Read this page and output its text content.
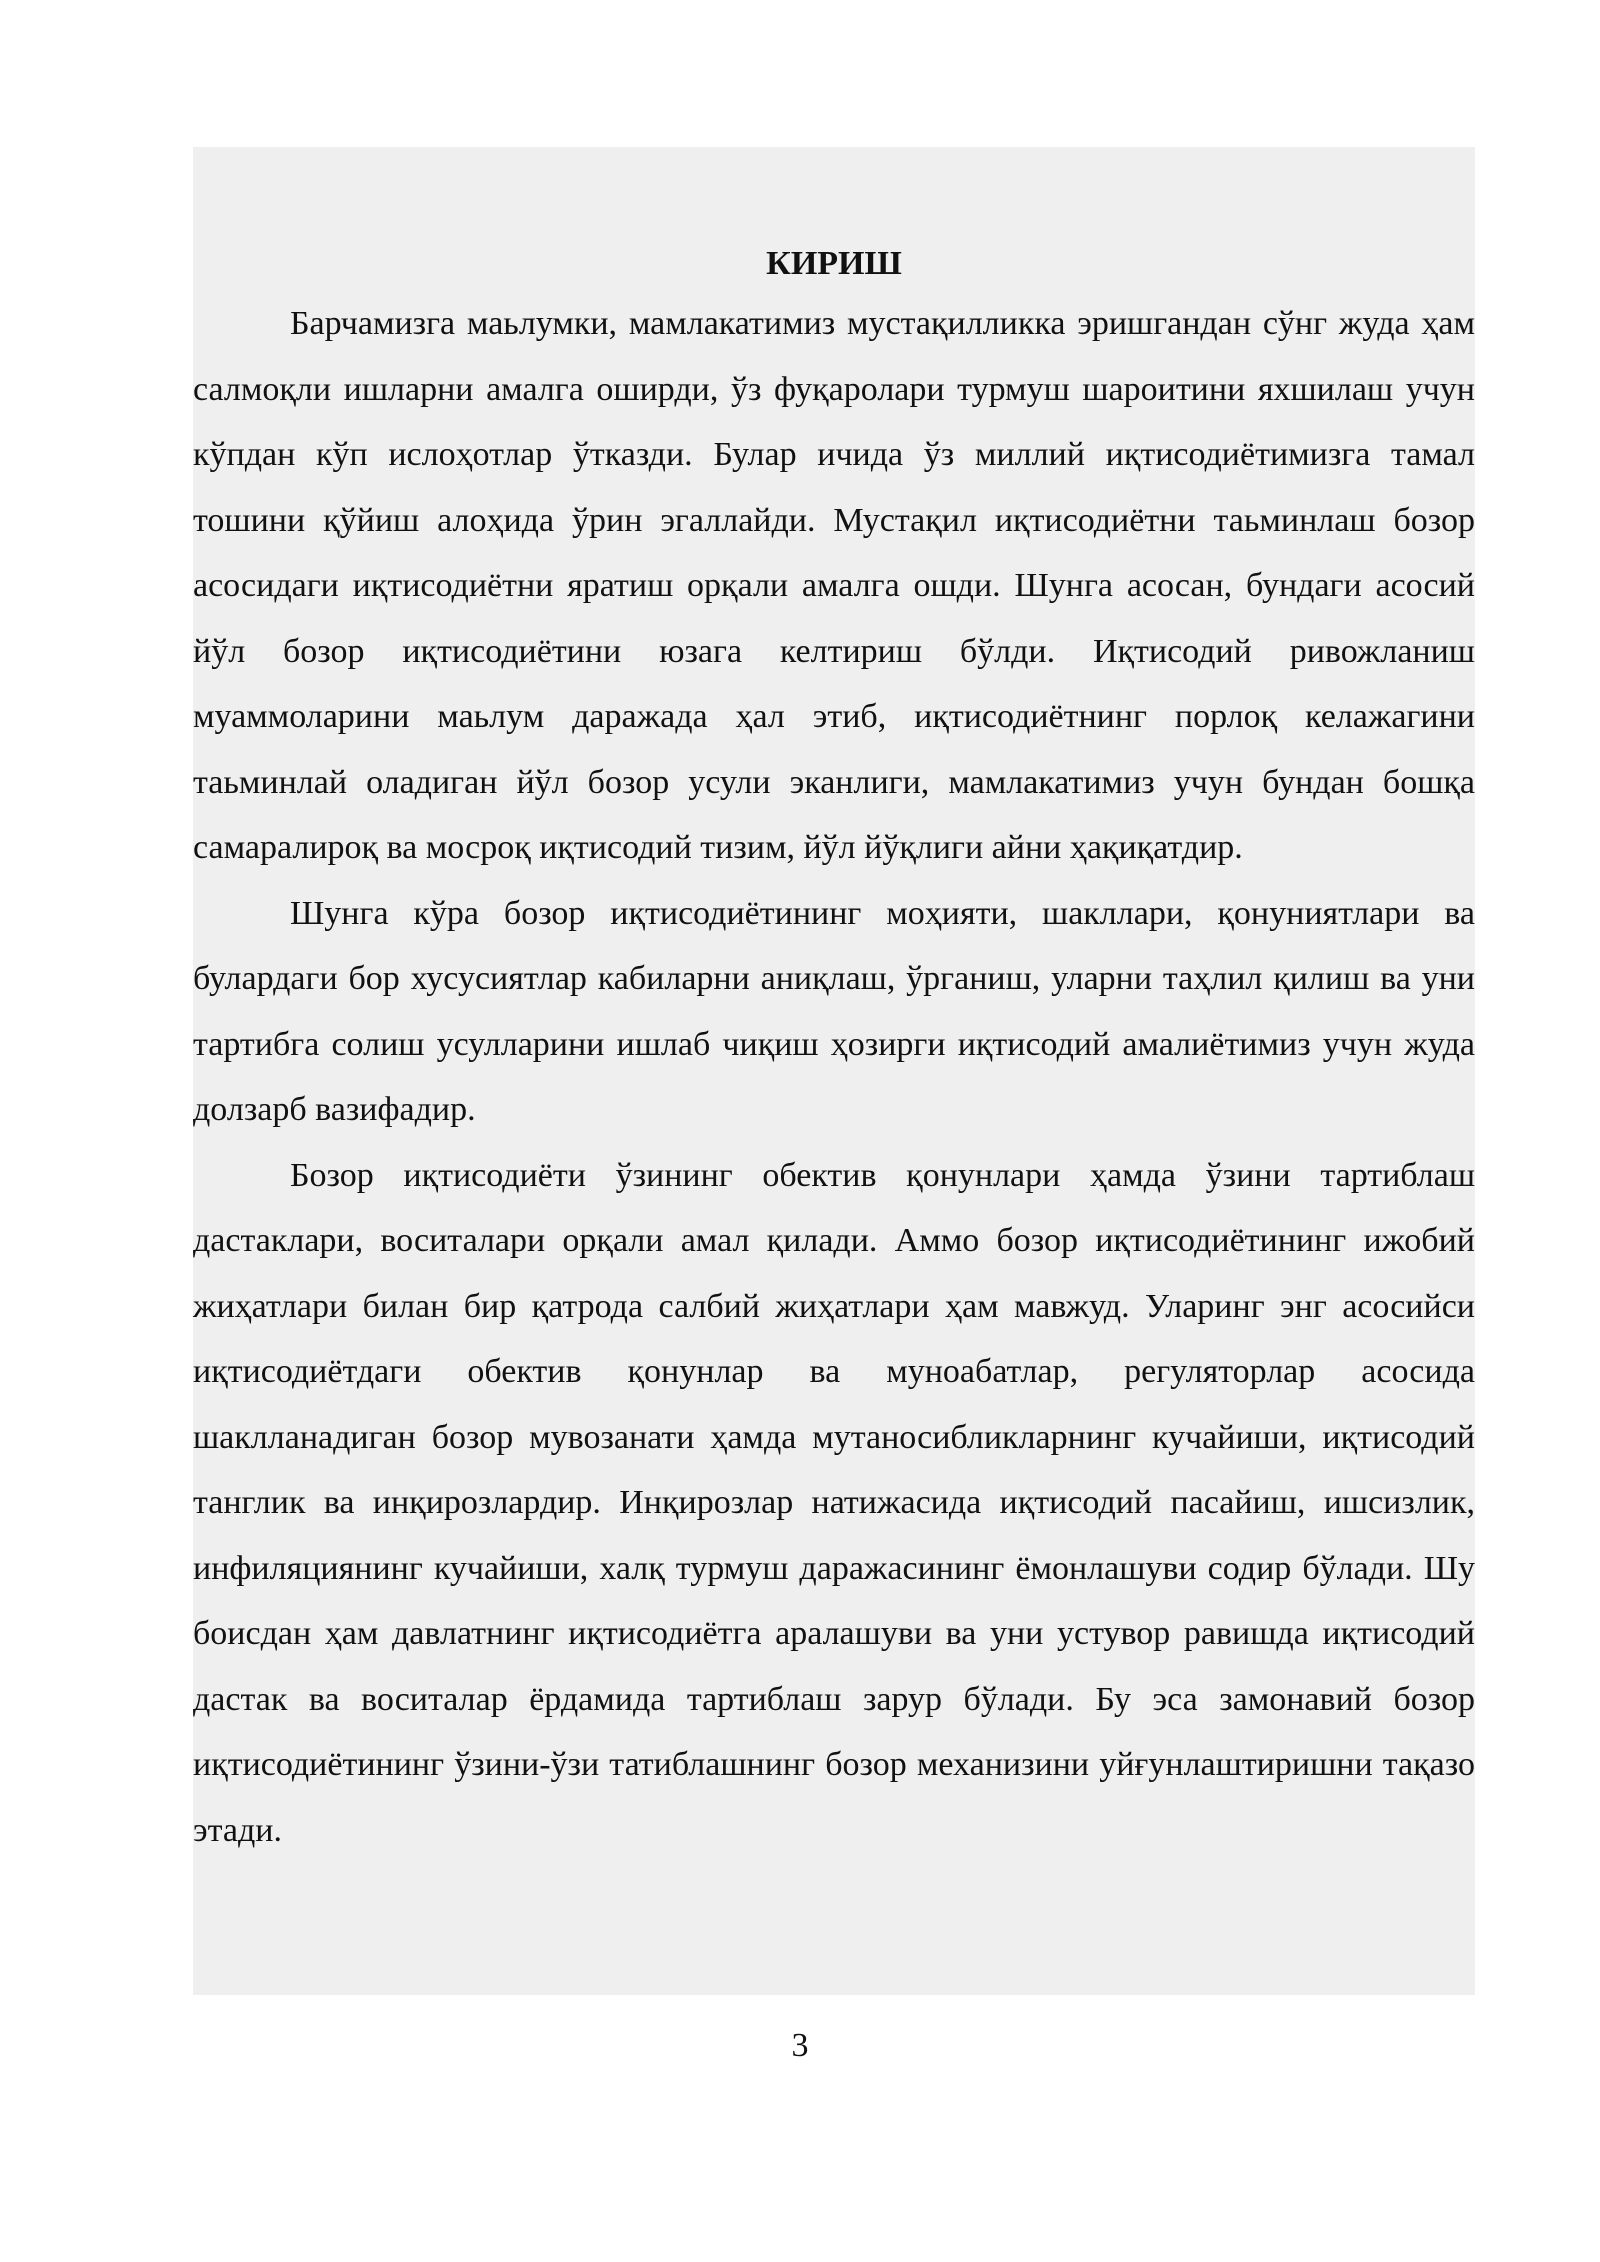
КИРИШ

Барчамизга маьлумки, мамлакатимиз мустақилликка эришгандан сўнг жуда ҳам салмоқли ишларни амалга оширди, ўз фуқаролари турмуш шароитини яхшилаш учун кўпдан кўп ислоҳотлар ўтказди. Булар ичида ўз миллий иқтисодиётимизга тамал тошини қўйиш алоҳида ўрин эгаллайди. Мустақил иқтисодиётни таьминлаш бозор асосидаги иқтисодиётни яратиш орқали амалга ошди. Шунга асосан, бундаги асосий йўл бозор иқтисодиётини юзага келтириш бўлди. Иқтисодий ривожланиш муаммоларини маьлум даражада ҳал этиб, иқтисодиётнинг порлоқ келажагини таьминлай оладиган йўл бозор усули эканлиги, мамлакатимиз учун бундан бошқа самаралироқ ва мосроқ иқтисодий тизим, йўл йўқлиги айни ҳақиқатдир.

Шунга кўра бозор иқтисодиётининг моҳияти, шакллари, қонуниятлари ва булардаги бор хусусиятлар кабиларни аниқлаш, ўрганиш, уларни таҳлил қилиш ва уни тартибга солиш усулларини ишлаб чиқиш ҳозирги иқтисодий амалиётимиз учун жуда долзарб вазифадир.

Бозор иқтисодиёти ўзининг обектив қонунлари ҳамда ўзини тартиблаш дастаклари, воситалари орқали амал қилади. Аммо бозор иқтисодиётининг ижобий жиҳатлари билан бир қатрода салбий жиҳатлари ҳам мавжуд. Уларинг энг асосийси иқтисодиётдаги обектив қонунлар ва муноабатлар, регуляторлар асосида шаклланадиган бозор мувозанати ҳамда мутаносибликларнинг кучайиши, иқтисодий танглик ва инқирозлардир. Инқирозлар натижасида иқтисодий пасайиш, ишсизлик, инфиляциянинг кучайиши, халқ турмуш даражасининг ёмонлашуви содир бўлади. Шу боисдан ҳам давлатнинг иқтисодиётга аралашуви ва уни устувор равишда иқтисодий дастак ва воситалар ёрдамида тартиблаш зарур бўлади. Бу эса замонавий бозор иқтисодиётининг ўзини-ўзи татиблашнинг бозор механизини уйғунлаштиришни тақазо этади.

3
